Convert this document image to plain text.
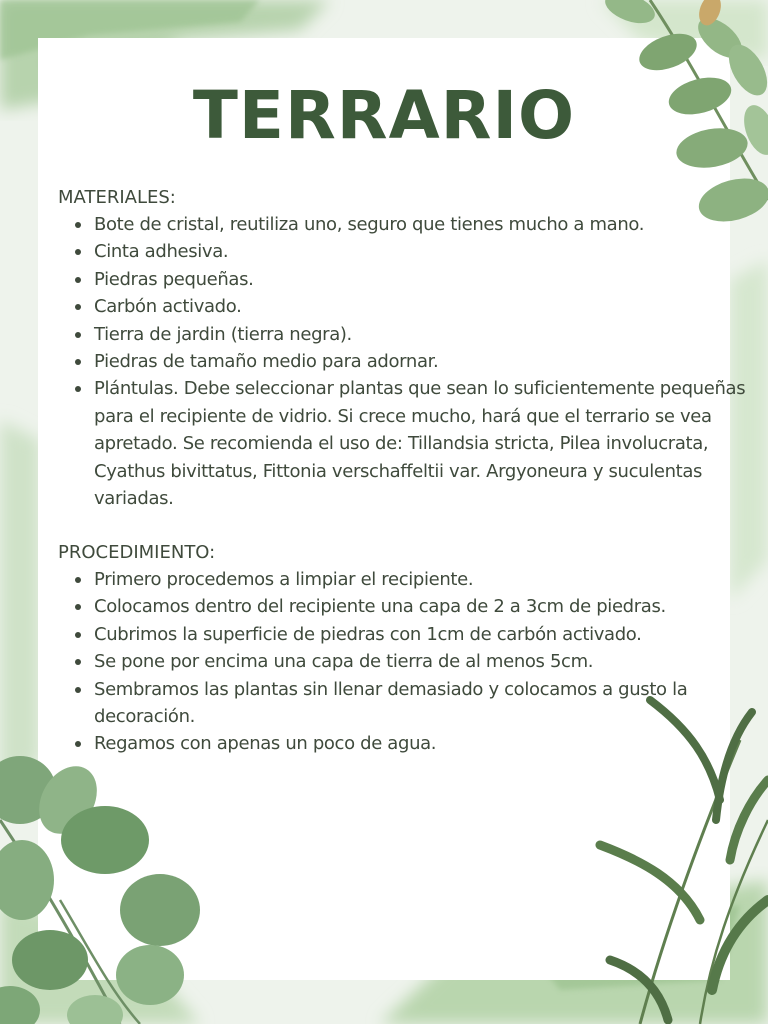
TERRARIO

MATERIALES:

Bote de cristal, reutiliza uno, seguro que tienes mucho a mano.
Cinta adhesiva.
Piedras pequeñas.
Carbón activado.
Tierra de jardin (tierra negra).
Piedras de tamaño medio para adornar.
Plántulas. Debe seleccionar plantas que sean lo suficientemente pequeñas para el recipiente de vidrio. Si crece mucho, hará que el terrario se vea apretado. Se recomienda el uso de: Tillandsia stricta, Pilea involucrata, Cyathus bivittatus, Fittonia verschaffeltii var. Argyoneura y suculentas variadas.

PROCEDIMIENTO:

Primero procedemos a limpiar el recipiente.
Colocamos dentro del recipiente una capa de 2 a 3cm de piedras.
Cubrimos la superficie de piedras con 1cm de carbón activado.
Se pone por encima una capa de tierra de al menos 5cm.
Sembramos las plantas sin llenar demasiado y colocamos a gusto la decoración.
Regamos con apenas un poco de agua.
